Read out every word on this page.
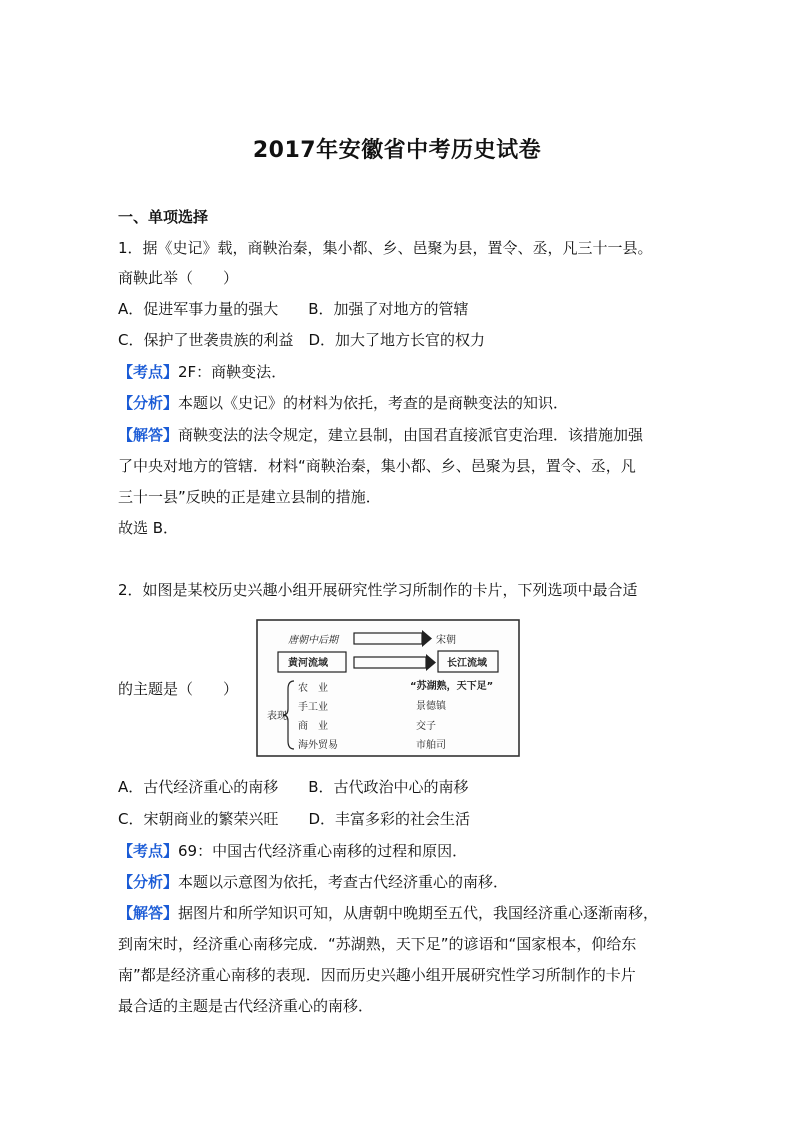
2017年安徽省中考历史试卷
一、单项选择
1．据《史记》载，商鞅治秦，集小都、乡、邑聚为县，置令、丞，凡三十一县。
商鞅此举（　　）
A．促进军事力量的强大　　B．加强了对地方的管辖
C．保护了世袭贵族的利益　D．加大了地方长官的权力
【考点】2F：商鞅变法．
【分析】本题以《史记》的材料为依托，考查的是商鞅变法的知识．
【解答】商鞅变法的法令规定，建立县制，由国君直接派官吏治理．该措施加强
了中央对地方的管辖．材料“商鞅治秦，集小都、乡、邑聚为县，置令、丞，凡
三十一县”反映的正是建立县制的措施．
故选 B．
2．如图是某校历史兴趣小组开展研究性学习所制作的卡片，下列选项中最合适
的主题是（　　）
唐朝中后期	宋朝
黄河流域	长江流域
表现
农　业
手工业
商　业
海外贸易
“苏湖熟，天下足”
景德镇
交子
市舶司
A．古代经济重心的南移　　B．古代政治中心的南移
C．宋朝商业的繁荣兴旺　　D．丰富多彩的社会生活
【考点】69：中国古代经济重心南移的过程和原因．
【分析】本题以示意图为依托，考查古代经济重心的南移．
【解答】据图片和所学知识可知，从唐朝中晚期至五代，我国经济重心逐渐南移，
到南宋时，经济重心南移完成．“苏湖熟，天下足”的谚语和“国家根本，仰给东
南”都是经济重心南移的表现．因而历史兴趣小组开展研究性学习所制作的卡片
最合适的主题是古代经济重心的南移．
